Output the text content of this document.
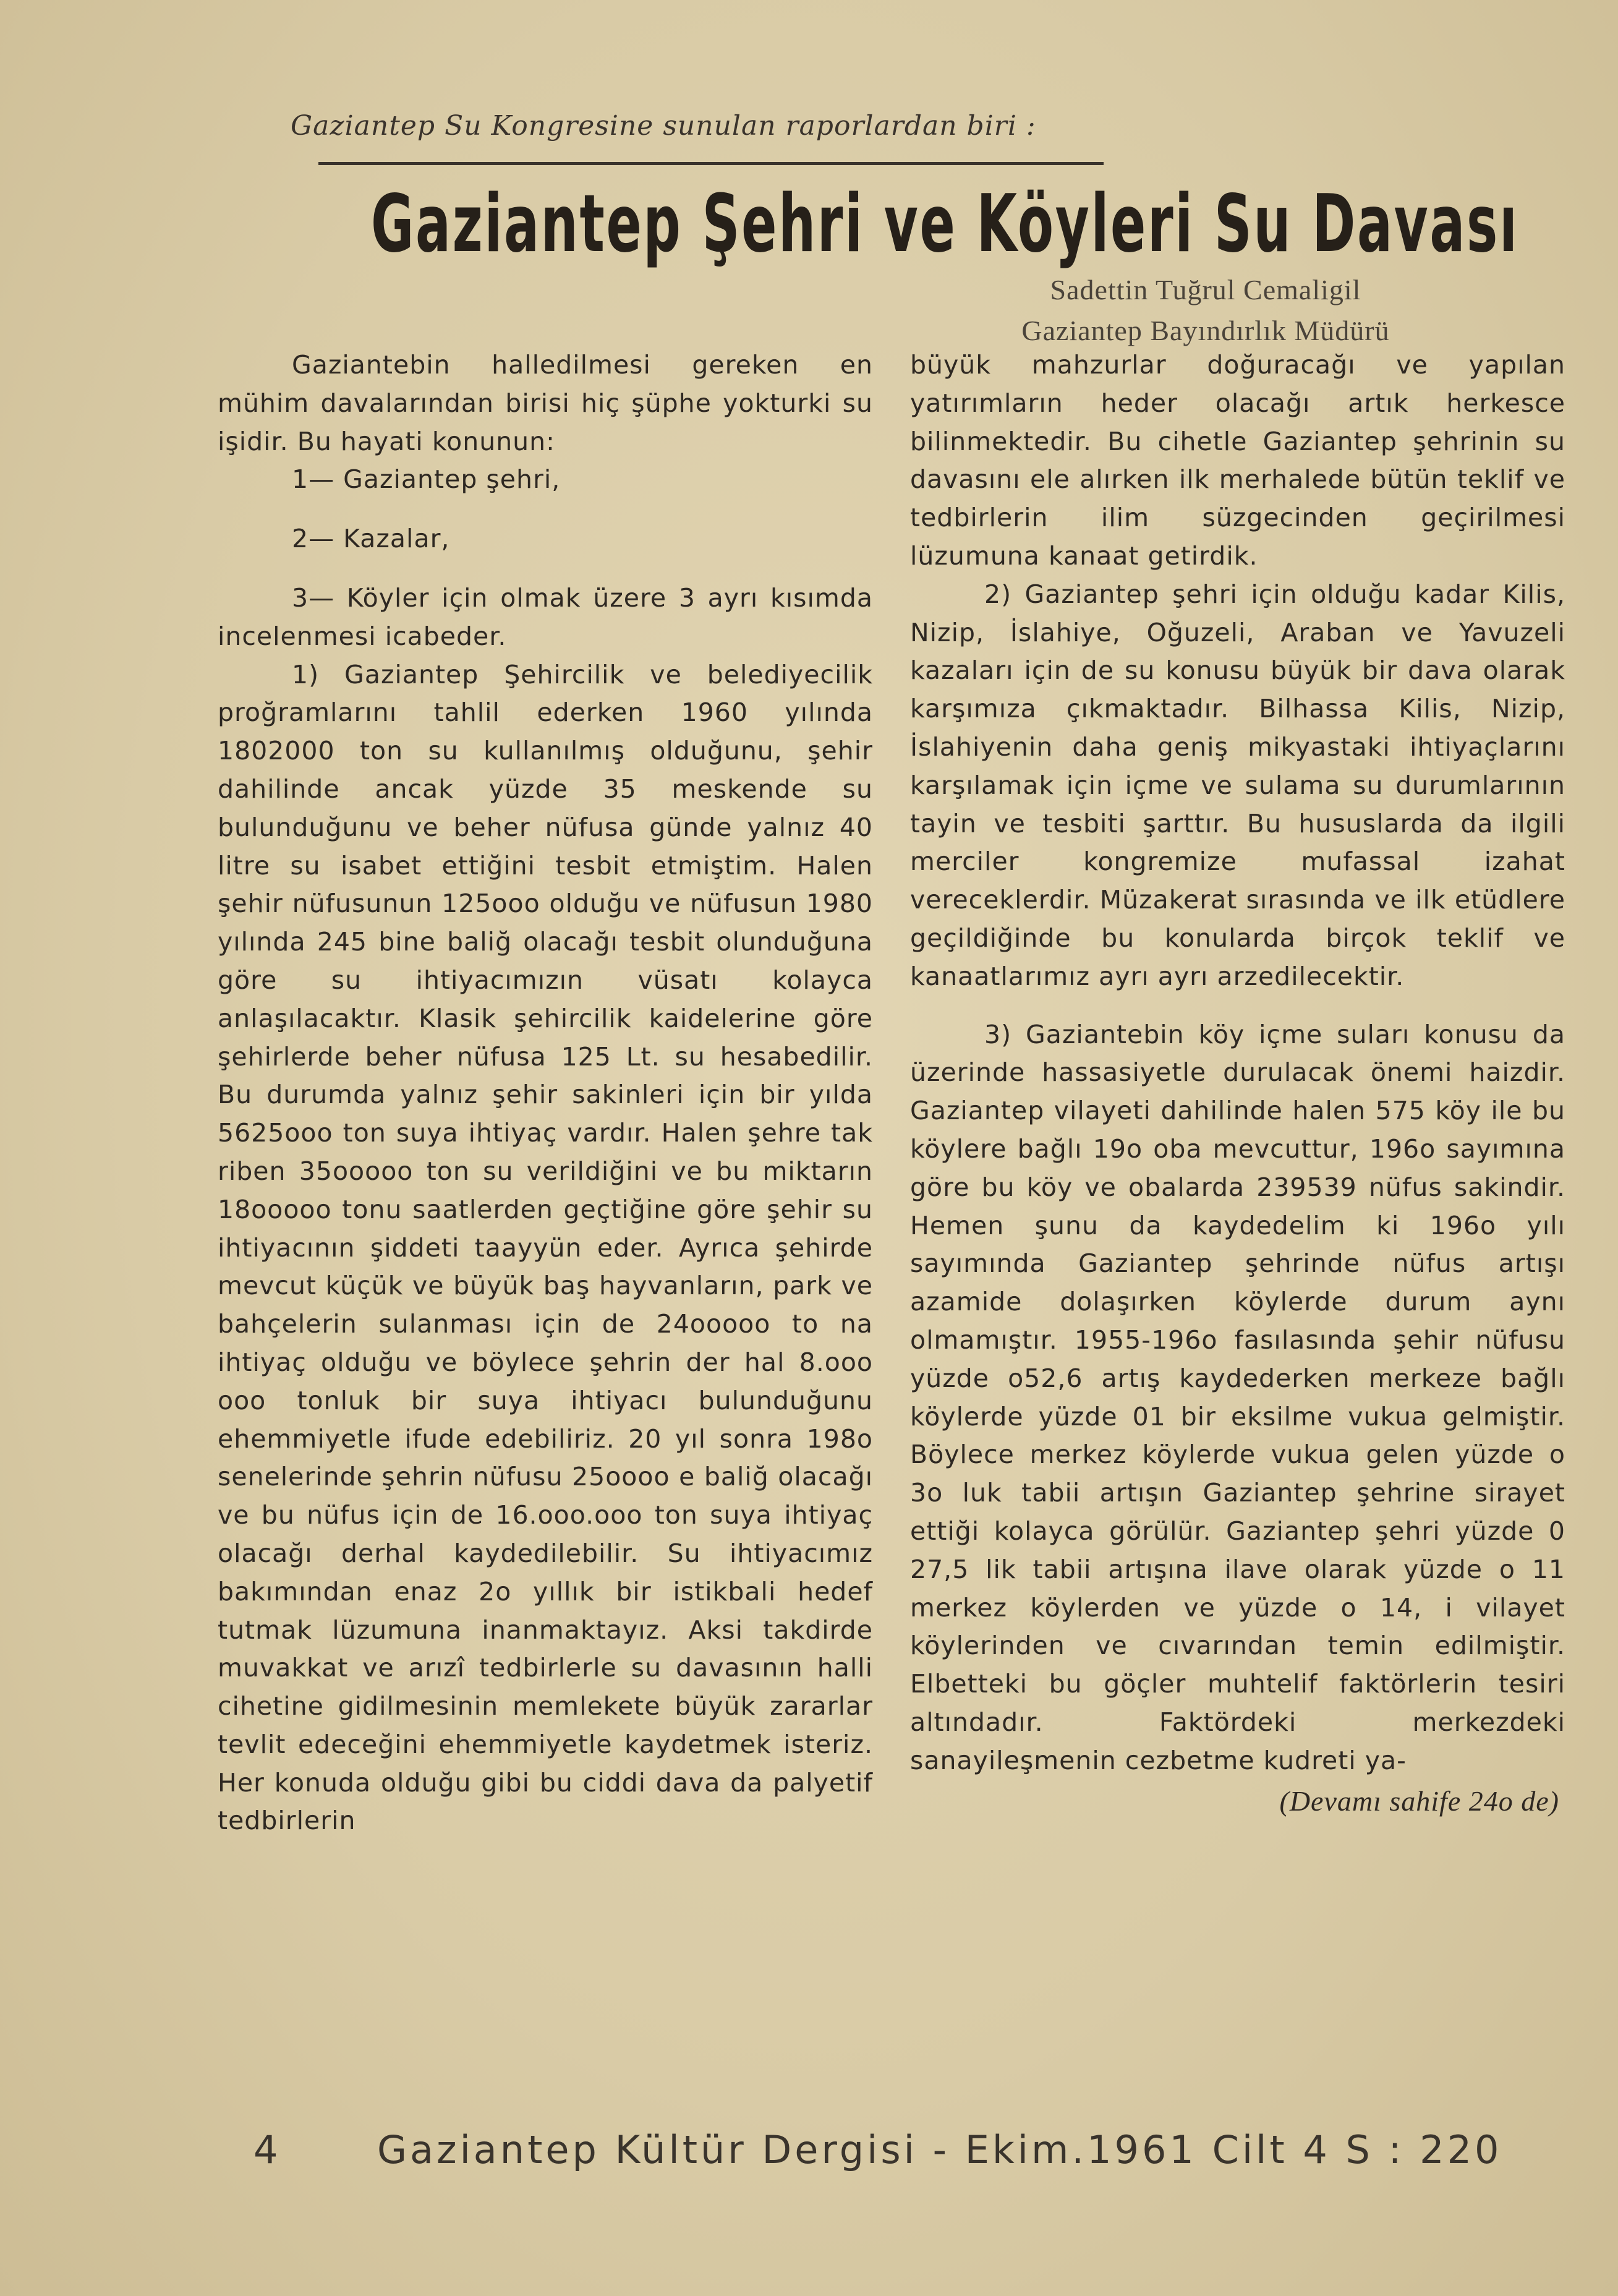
Gaziantep Su Kongresine sunulan raporlardan biri :
Gaziantep Şehri ve Köyleri Su Davası
Sadettin Tuğrul Cemaligil
Gaziantep Bayındırlık Müdürü

Gaziantebin halledilmesi gereken en mühim davalarından birisi hiç şüphe yokturki su işidir. Bu hayati konunun:

1— Gaziantep şehri,

2— Kazalar,

3— Köyler için olmak üzere 3 ayrı kısımda incelenmesi icabeder.

1) Gaziantep Şehircilik ve belediyecilik proğramlarını tahlil ederken 1960 yılında 1802000 ton su kullanılmış olduğunu, şehir dahilinde ancak yüzde 35 meskende su bulunduğunu ve beher nüfusa günde yalnız 40 litre su isabet ettiğini tesbit etmiştim. Halen şehir nüfusunun 125ooo olduğu ve nüfusun 1980 yılında 245 bine baliğ olacağı tesbit olunduğuna göre su ihtiyacımızın vüsatı kolayca anlaşılacaktır. Klasik şehircilik kaidelerine göre şehirlerde beher nüfusa 125 Lt. su hesabedilir. Bu durumda yalnız şehir sakinleri için bir yılda 5625ooo ton suya ihtiyaç vardır. Halen şehre tak riben 35ooooo ton su verildiğini ve bu miktarın 18ooooo tonu saatlerden geçtiğine göre şehir su ihtiyacının şiddeti taayyün eder. Ayrıca şehirde mevcut küçük ve büyük baş hayvanların, park ve bahçelerin sulanması için de 24ooooo to na ihtiyaç olduğu ve böylece şehrin der hal 8.ooo ooo tonluk bir suya ihtiyacı bulunduğunu ehemmiyetle ifude edebiliriz. 20 yıl sonra 198o senelerinde şehrin nüfusu 25oooo e baliğ olacağı ve bu nüfus için de 16.ooo.ooo ton suya ihtiyaç olacağı derhal kaydedilebilir. Su ihtiyacımız bakımından enaz 2o yıllık bir istikbali hedef tutmak lüzumuna inanmaktayız. Aksi takdirde muvakkat ve arızî tedbirlerle su davasının halli cihetine gidilmesinin memlekete büyük zararlar tevlit edeceğini ehemmiyetle kaydetmek isteriz. Her konuda olduğu gibi bu ciddi dava da palyetif tedbirlerin

büyük mahzurlar doğuracağı ve yapılan yatırımların heder olacağı artık herkesce bilinmektedir. Bu cihetle Gaziantep şehrinin su davasını ele alırken ilk merhalede bütün teklif ve tedbirlerin ilim süzgecinden geçirilmesi lüzumuna kanaat getirdik.

2) Gaziantep şehri için olduğu kadar Kilis, Nizip, İslahiye, Oğuzeli, Araban ve Yavuzeli kazaları için de su konusu büyük bir dava olarak karşımıza çıkmaktadır. Bilhassa Kilis, Nizip, İslahiyenin daha geniş mikyastaki ihtiyaçlarını karşılamak için içme ve sulama su durumlarının tayin ve tesbiti şarttır. Bu hususlarda da ilgili merciler kongremize mufassal izahat vereceklerdir. Müzakerat sırasında ve ilk etüdlere geçildiğinde bu konularda birçok teklif ve kanaatlarımız ayrı ayrı arzedilecektir.

3) Gaziantebin köy içme suları konusu da üzerinde hassasiyetle durulacak önemi haizdir. Gaziantep vilayeti dahilinde halen 575 köy ile bu köylere bağlı 19o oba mevcuttur, 196o sayımına göre bu köy ve obalarda 239539 nüfus sakindir. Hemen şunu da kaydedelim ki 196o yılı sayımında Gaziantep şehrinde nüfus artışı azamide dolaşırken köylerde durum aynı olmamıştır. 1955-196o fasılasında şehir nüfusu yüzde o52,6 artış kaydederken merkeze bağlı köylerde yüzde 01 bir eksilme vukua gelmiştir. Böylece merkez köylerde vukua gelen yüzde o 3o luk tabii artışın Gaziantep şehrine sirayet ettiği kolayca görülür. Gaziantep şehri yüzde 0 27,5 lik tabii artışına ilave olarak yüzde o 11 merkez köylerden ve yüzde o 14, i vilayet köylerinden ve cıvarından temin edilmiştir. Elbetteki bu göçler muhtelif faktörlerin tesiri altındadır. Faktördeki merkezdeki sanayileşmenin cezbetme kudreti ya-

(Devamı sahife 24o de)
4	Gaziantep Kültür Dergisi - Ekim.1961 Cilt 4 S : 220
